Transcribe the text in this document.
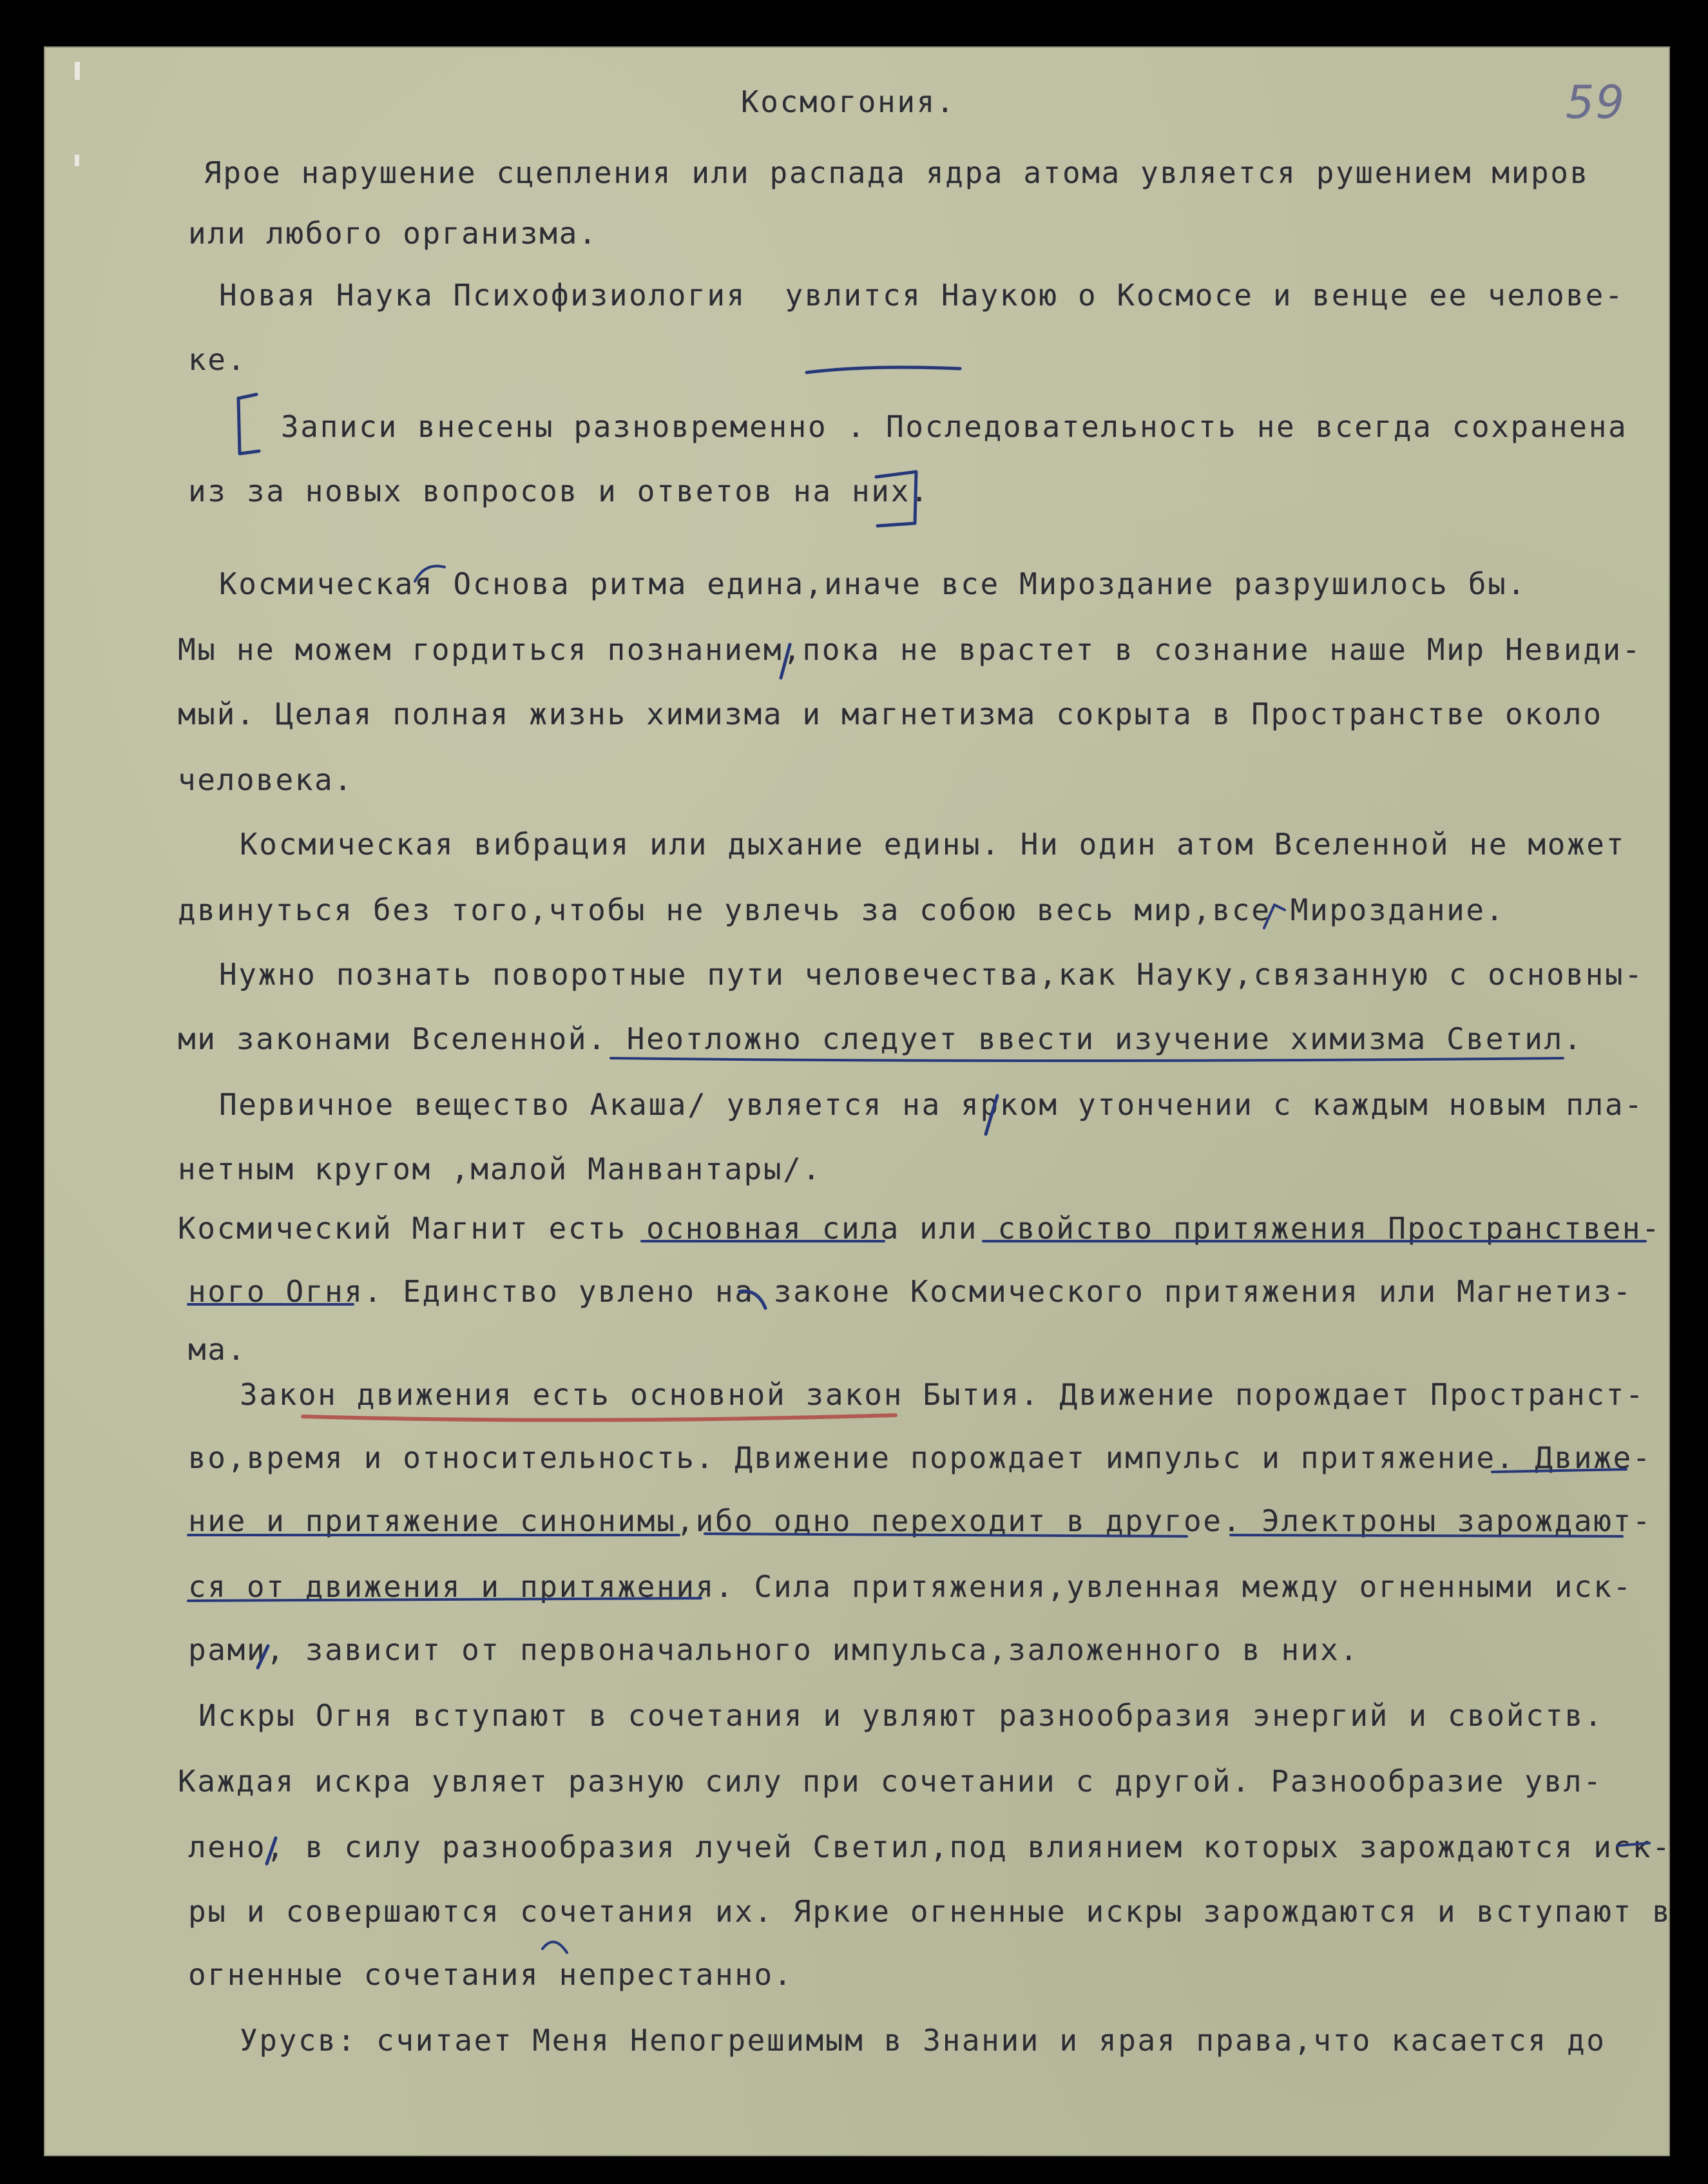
59

Космогония.

Ярое нарушение сцепления или распада ядра атома увляется рушением миров

или любого организма.

Новая Наука Психофизиология  увлится Наукою о Космосе и венце ее челове-

ке.

Записи внесены разновременно . Последовательность не всегда сохранена

из за новых вопросов и ответов на них.

Космическая Основа ритма едина,иначе все Мироздание разрушилось бы.

Мы не можем гордиться познанием,пока не врастет в сознание наше Мир Невиди-

мый. Целая полная жизнь химизма и магнетизма сокрыта в Пространстве около

человека.

Космическая вибрация или дыхание едины. Ни один атом Вселенной не может

двинуться без того,чтобы не увлечь за собою весь мир,все Мироздание.

Нужно познать поворотные пути человечества,как Науку,связанную с основны-

ми законами Вселенной. Неотложно следует ввести изучение химизма Светил.

Первичное вещество Акаша/ увляется на ярком утончении с каждым новым пла-

нетным кругом ,малой Манвантары/.

Космический Магнит есть основная сила или свойство притяжения Пространствен-

ного Огня. Единство увлено на законе Космического притяжения или Магнетиз-

ма.

Закон движения есть основной закон Бытия. Движение порождает Пространст-

во,время и относительность. Движение порождает импульс и притяжение. Движе-

ние и притяжение синонимы,ибо одно переходит в другое. Электроны зарождают-

ся от движения и притяжения. Сила притяжения,увленная между огненными иск-

рами, зависит от первоначального импульса,заложенного в них.

Искры Огня вступают в сочетания и увляют разнообразия энергий и свойств.

Каждая искра увляет разную силу при сочетании с другой. Разнообразие увл-

лено, в силу разнообразия лучей Светил,под влиянием которых зарождаются иск-

ры и совершаются сочетания их. Яркие огненные искры зарождаются и вступают в

огненные сочетания непрестанно.

Урусв: считает Меня Непогрешимым в Знании и ярая права,что касается до
